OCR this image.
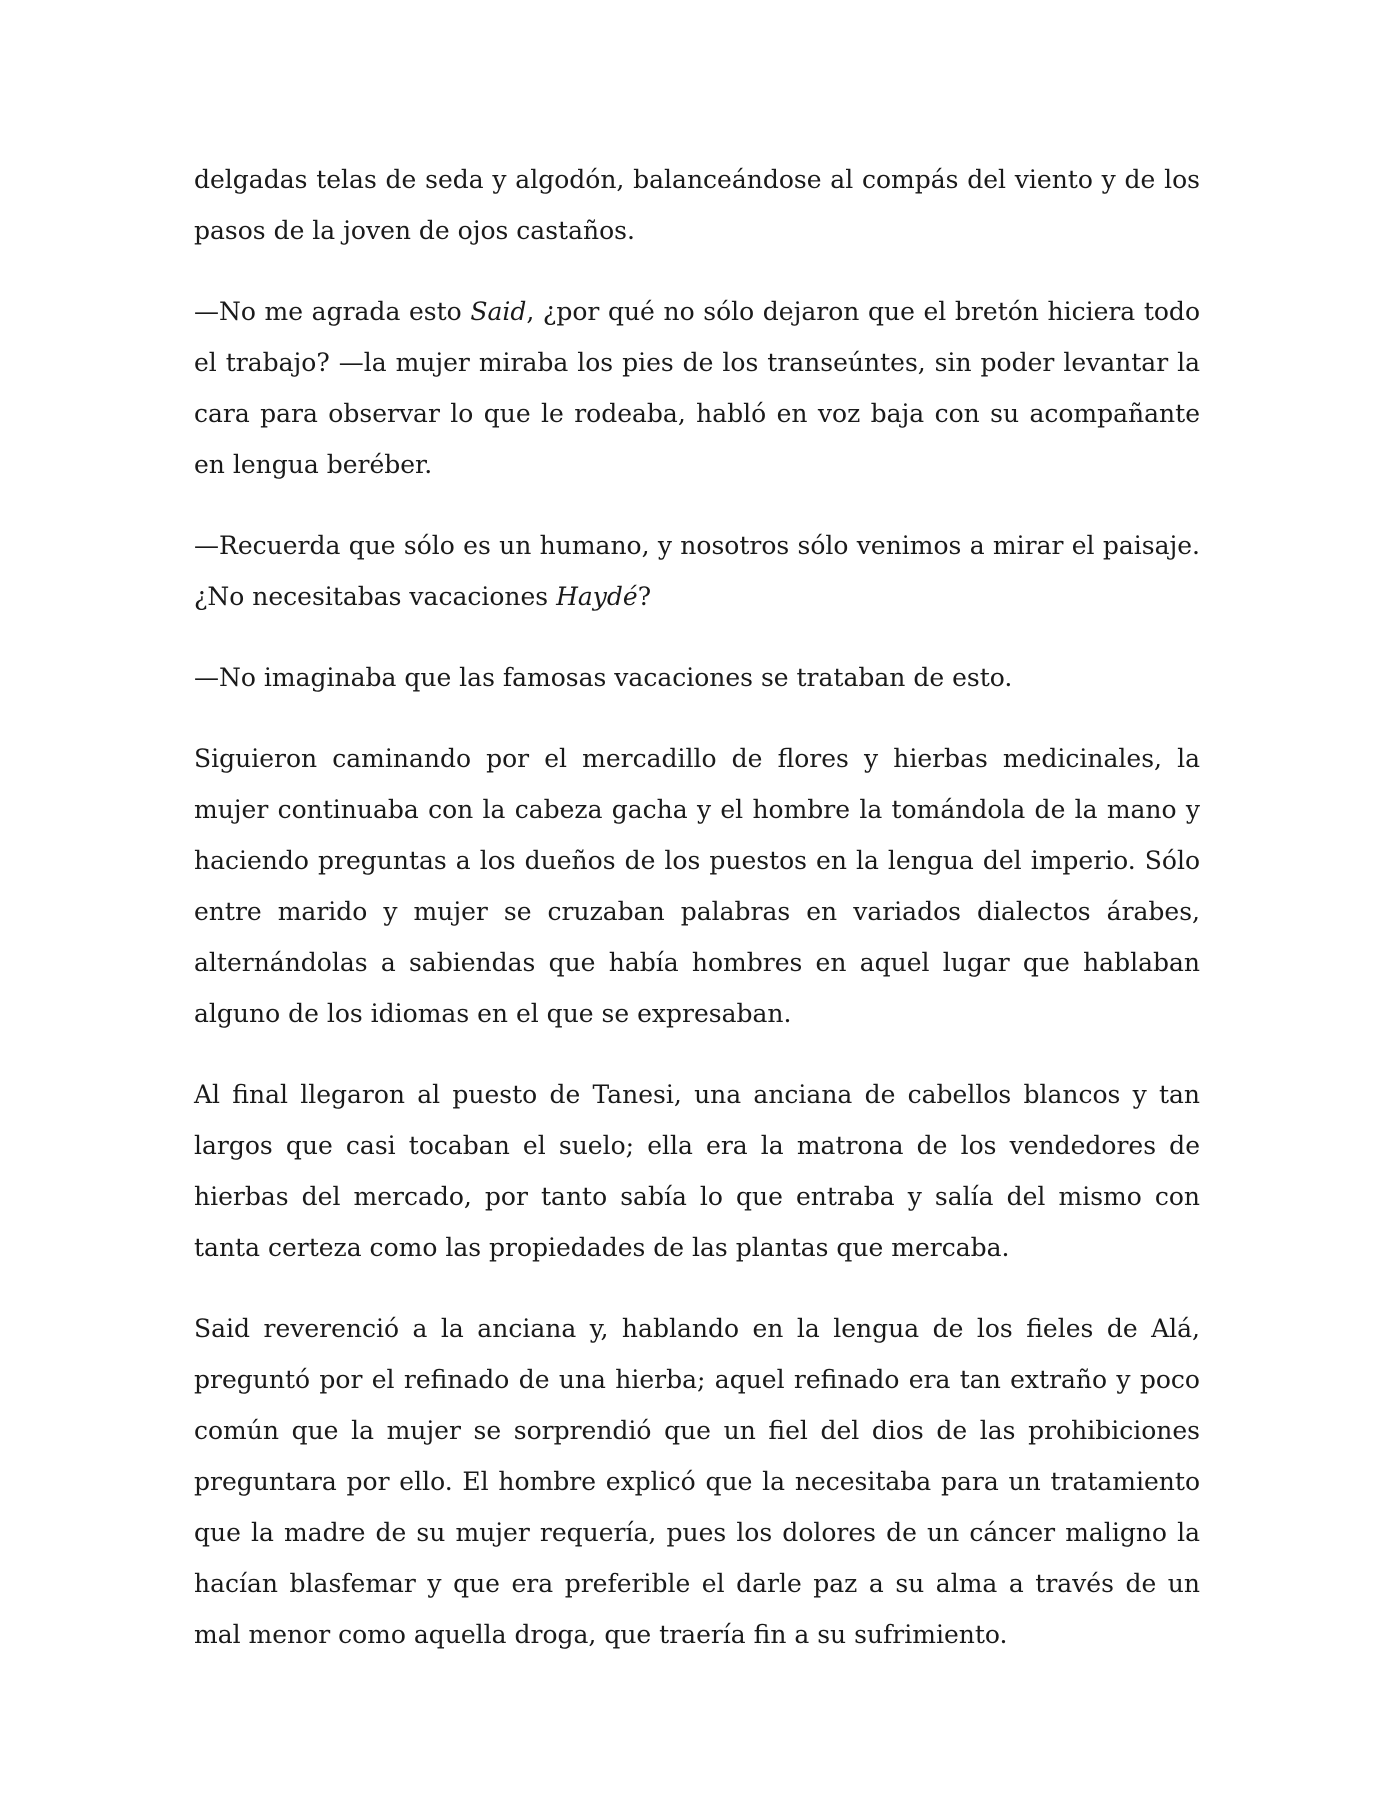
delgadas telas de seda y algodón, balanceándose al compás del viento y de los pasos de la joven de ojos castaños.

—No me agrada esto Said, ¿por qué no sólo dejaron que el bretón hiciera todo el trabajo? —la mujer miraba los pies de los transeúntes, sin poder levantar la cara para observar lo que le rodeaba, habló en voz baja con su acompañante en lengua beréber.

—Recuerda que sólo es un humano, y nosotros sólo venimos a mirar el paisaje. ¿No necesitabas vacaciones Haydé?

—No imaginaba que las famosas vacaciones se trataban de esto.

Siguieron caminando por el mercadillo de flores y hierbas medicinales, la mujer continuaba con la cabeza gacha y el hombre la tomándola de la mano y haciendo preguntas a los dueños de los puestos en la lengua del imperio. Sólo entre marido y mujer se cruzaban palabras en variados dialectos árabes, alternándolas a sabiendas que había hombres en aquel lugar que hablaban alguno de los idiomas en el que se expresaban.

Al final llegaron al puesto de Tanesi, una anciana de cabellos blancos y tan largos que casi tocaban el suelo; ella era la matrona de los vendedores de hierbas del mercado, por tanto sabía lo que entraba y salía del mismo con tanta certeza como las propiedades de las plantas que mercaba.

Said reverenció a la anciana y, hablando en la lengua de los fieles de Alá, preguntó por el refinado de una hierba; aquel refinado era tan extraño y poco común que la mujer se sorprendió que un fiel del dios de las prohibiciones preguntara por ello. El hombre explicó que la necesitaba para un tratamiento que la madre de su mujer requería, pues los dolores de un cáncer maligno la hacían blasfemar y que era preferible el darle paz a su alma a través de un mal menor como aquella droga, que traería fin a su sufrimiento.
